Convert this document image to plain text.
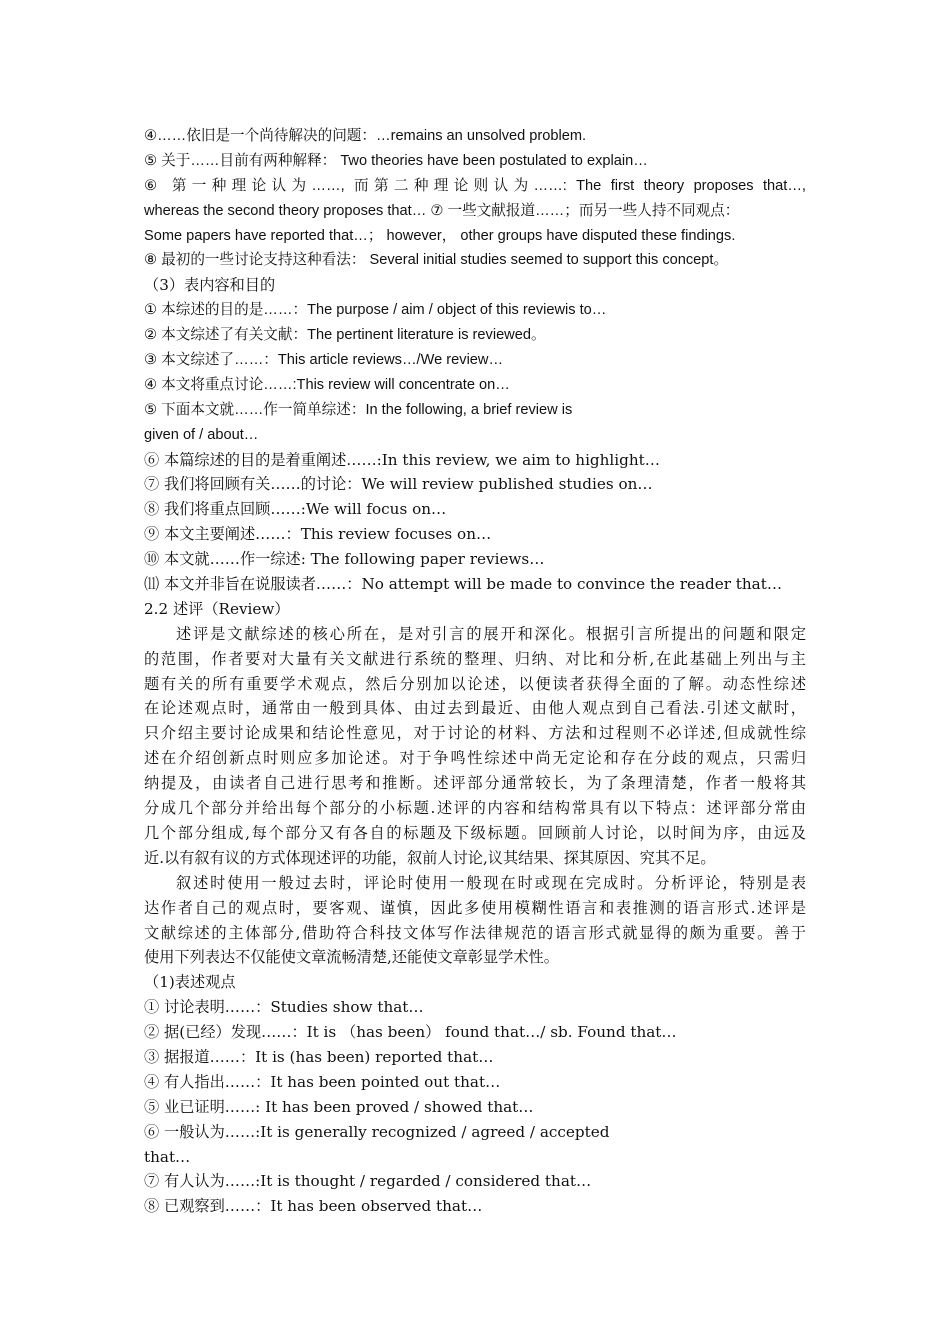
④……依旧是一个尚待解决的问题：…remains an unsolved problem.
⑤ 关于……目前有两种解释： Two theories have been postulated to explain…
⑥ 第一种理论认为……, 而第二种理论则认为……: The first theory proposes that…,
whereas the second theory proposes that… ⑦ 一些文献报道……；而另一些人持不同观点：
Some papers have reported that…； however， other groups have disputed these findings.
⑧ 最初的一些讨论支持这种看法： Several initial studies seemed to support this concept。
（3）表内容和目的
① 本综述的目的是……：The purpose / aim / object of this reviewis to…
② 本文综述了有关文献：The pertinent literature is reviewed。
③ 本文综述了……：This article reviews…/We review…
④ 本文将重点讨论……:This review will concentrate on…
⑤ 下面本文就……作一简单综述：In the following, a brief review is
given of / about…
⑥ 本篇综述的目的是着重阐述……:In this review, we aim to highlight…
⑦ 我们将回顾有关……的讨论：We will review published studies on…
⑧ 我们将重点回顾……:We will focus on…
⑨ 本文主要阐述……：This review focuses on…
⑩ 本文就……作一综述: The following paper reviews…
⑾ 本文并非旨在说服读者……：No attempt will be made to convince the reader that…
2.2 述评（Review）
述评是文献综述的核心所在，是对引言的展开和深化。根据引言所提出的问题和限定
的范围，作者要对大量有关文献进行系统的整理、归纳、对比和分析,在此基础上列出与主
题有关的所有重要学术观点，然后分别加以论述，以便读者获得全面的了解。动态性综述
在论述观点时，通常由一般到具体、由过去到最近、由他人观点到自己看法.引述文献时，
只介绍主要讨论成果和结论性意见，对于讨论的材料、方法和过程则不必详述,但成就性综
述在介绍创新点时则应多加论述。对于争鸣性综述中尚无定论和存在分歧的观点，只需归
纳提及，由读者自己进行思考和推断。述评部分通常较长，为了条理清楚，作者一般将其
分成几个部分并给出每个部分的小标题.述评的内容和结构常具有以下特点：述评部分常由
几个部分组成,每个部分又有各自的标题及下级标题。回顾前人讨论，以时间为序，由远及
近.以有叙有议的方式体现述评的功能，叙前人讨论,议其结果、探其原因、究其不足。
叙述时使用一般过去时，评论时使用一般现在时或现在完成时。分析评论，特别是表
达作者自己的观点时，要客观、谨慎，因此多使用模糊性语言和表推测的语言形式.述评是
文献综述的主体部分,借助符合科技文体写作法律规范的语言形式就显得的颇为重要。善于
使用下列表达不仅能使文章流畅清楚,还能使文章彰显学术性。
（1)表述观点
① 讨论表明……：Studies show that…
② 据(已经）发现……：It is （has been） found that…/ sb. Found that…
③ 据报道……：It is (has been) reported that…
④ 有人指出……：It has been pointed out that…
⑤ 业已证明……: It has been proved / showed that…
⑥ 一般认为……:It is generally recognized / agreed / accepted
that…
⑦ 有人认为……:It is thought / regarded / considered that…
⑧ 已观察到……：It has been observed that…
